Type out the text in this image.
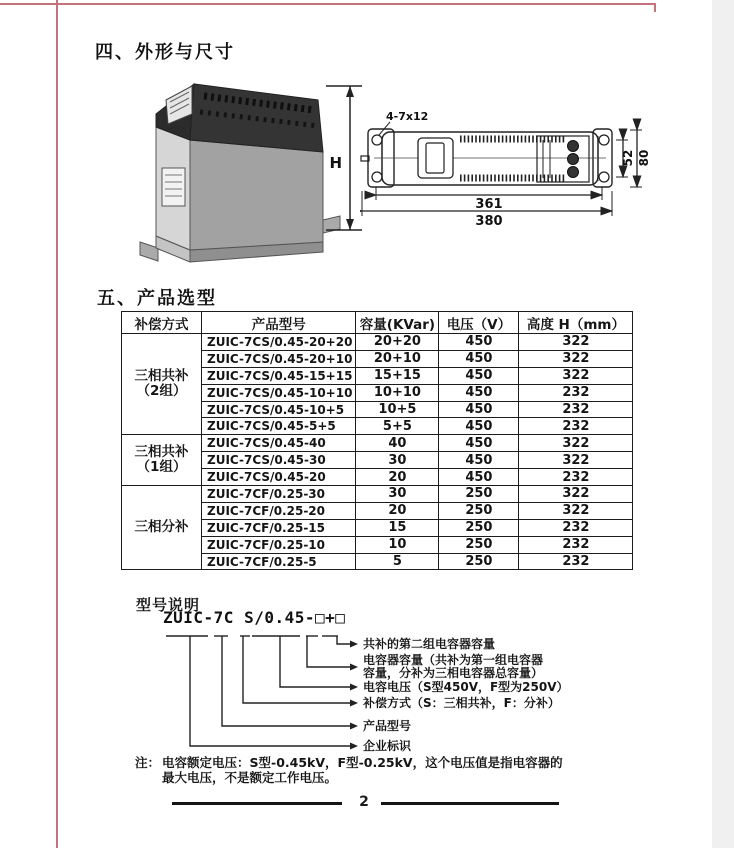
四、外形与尺寸
H
4-7x12
361
380
52 80
五、产品选型
补偿方式	产品型号	容量(KVar)	电压（V）	高度 H（mm）

三相共补
（2组）	ZUIC-7CS/0.45-20+20	20+20	450	322
	ZUIC-7CS/0.45-20+10	20+10	450	322
	ZUIC-7CS/0.45-15+15	15+15	450	322
	ZUIC-7CS/0.45-10+10	10+10	450	232
	ZUIC-7CS/0.45-10+5	10+5	450	232
	ZUIC-7CS/0.45-5+5	5+5	450	232

三相共补
（1组）	ZUIC-7CS/0.45-40	40	450	322
	ZUIC-7CS/0.45-30	30	450	322
	ZUIC-7CS/0.45-20	20	450	232

三相分补	ZUIC-7CF/0.25-30	30	250	322
	ZUIC-7CF/0.25-20	20	250	322
	ZUIC-7CF/0.25-15	15	250	232
	ZUIC-7CF/0.25-10	10	250	232
	ZUIC-7CF/0.25-5	5	250	232
型号说明
ZUIC-7C S/0.45-□+□
共补的第二组电容器容量
电容器容量（共补为第一组电容器
容量，分补为三相电容器总容量）
电容电压（S型450V，F型为250V）
补偿方式（S：三相共补，F：分补）
产品型号
企业标识
注： 电容额定电压：S型-0.45kV，F型-0.25kV，这个电压值是指电容器的
最大电压，不是额定工作电压。
2
